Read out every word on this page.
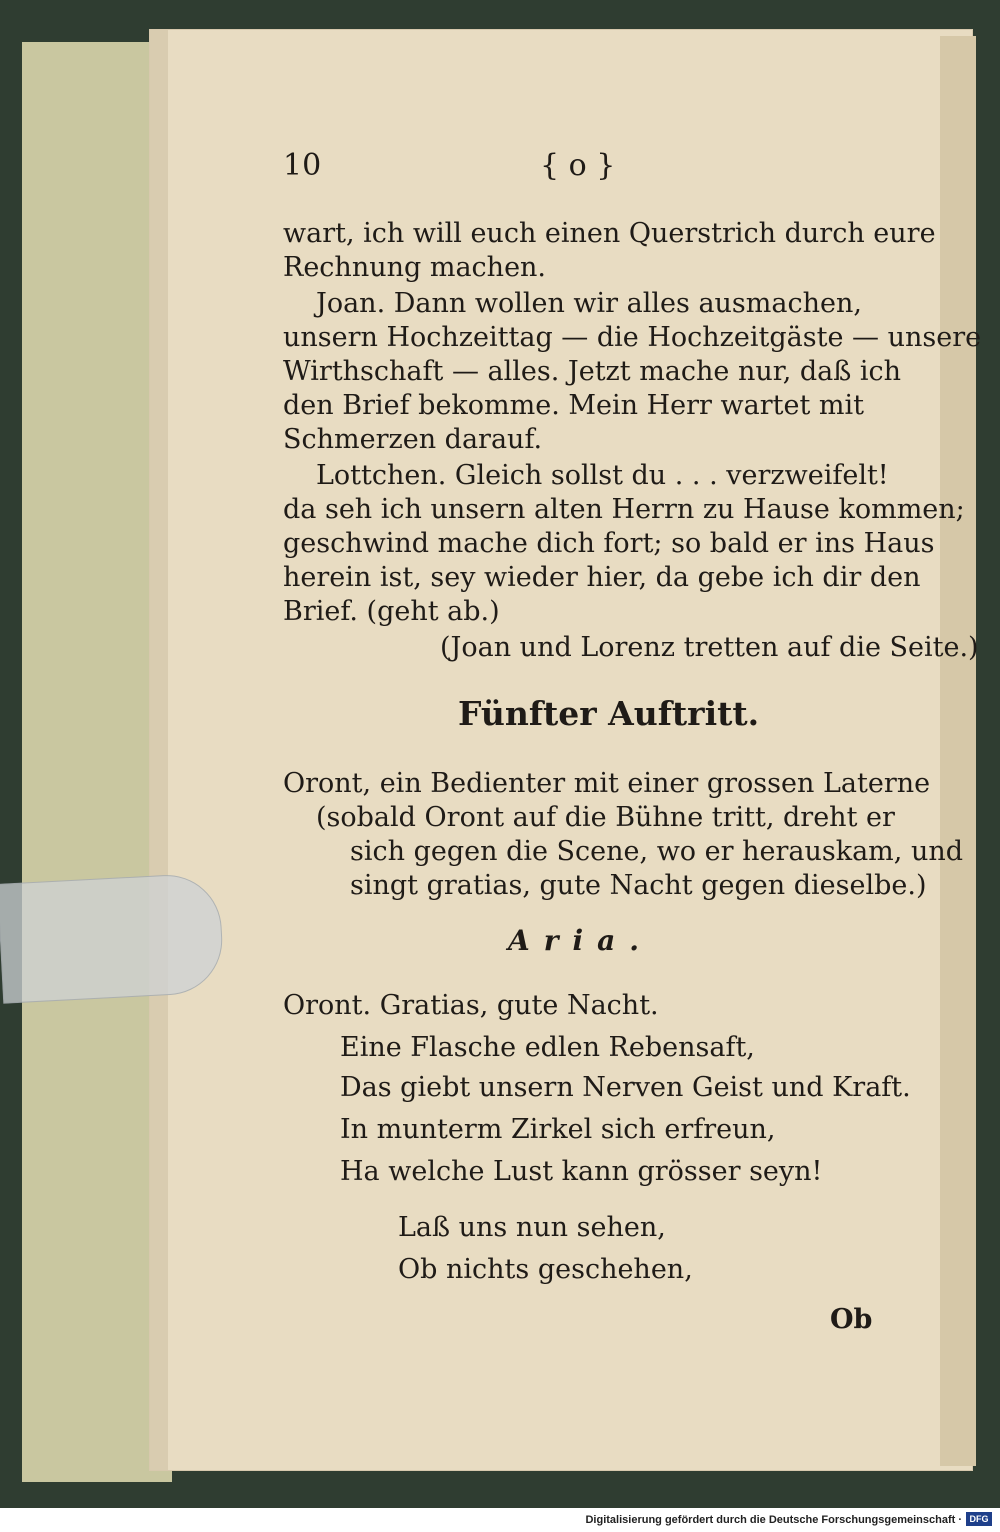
10	{ o }
wart, ich will euch einen Querstrich durch eure
Rechnung machen.
Joan. Dann wollen wir alles ausmachen,
unsern Hochzeittag — die Hochzeitgäste — unsere
Wirthschaft — alles. Jetzt mache nur, daß ich
den Brief bekomme. Mein Herr wartet mit
Schmerzen darauf.
Lottchen. Gleich sollst du . . . verzweifelt!
da seh ich unsern alten Herrn zu Hause kommen;
geschwind mache dich fort; so bald er ins Haus
herein ist, sey wieder hier, da gebe ich dir den
Brief. (geht ab.)
(Joan und Lorenz tretten auf die Seite.)
Fünfter Auftritt.
Oront, ein Bedienter mit einer grossen Laterne
(sobald Oront auf die Bühne tritt, dreht er
sich gegen die Scene, wo er herauskam, und
singt gratias, gute Nacht gegen dieselbe.)
Aria.
Oront. Gratias, gute Nacht.
Eine Flasche edlen Rebensaft,
Das giebt unsern Nerven Geist und Kraft.
In munterm Zirkel sich erfreun,
Ha welche Lust kann grösser seyn!
Laß uns nun sehen,
Ob nichts geschehen,
Ob
Digitalisierung gefördert durch die Deutsche Forschungsgemeinschaft · DFG
